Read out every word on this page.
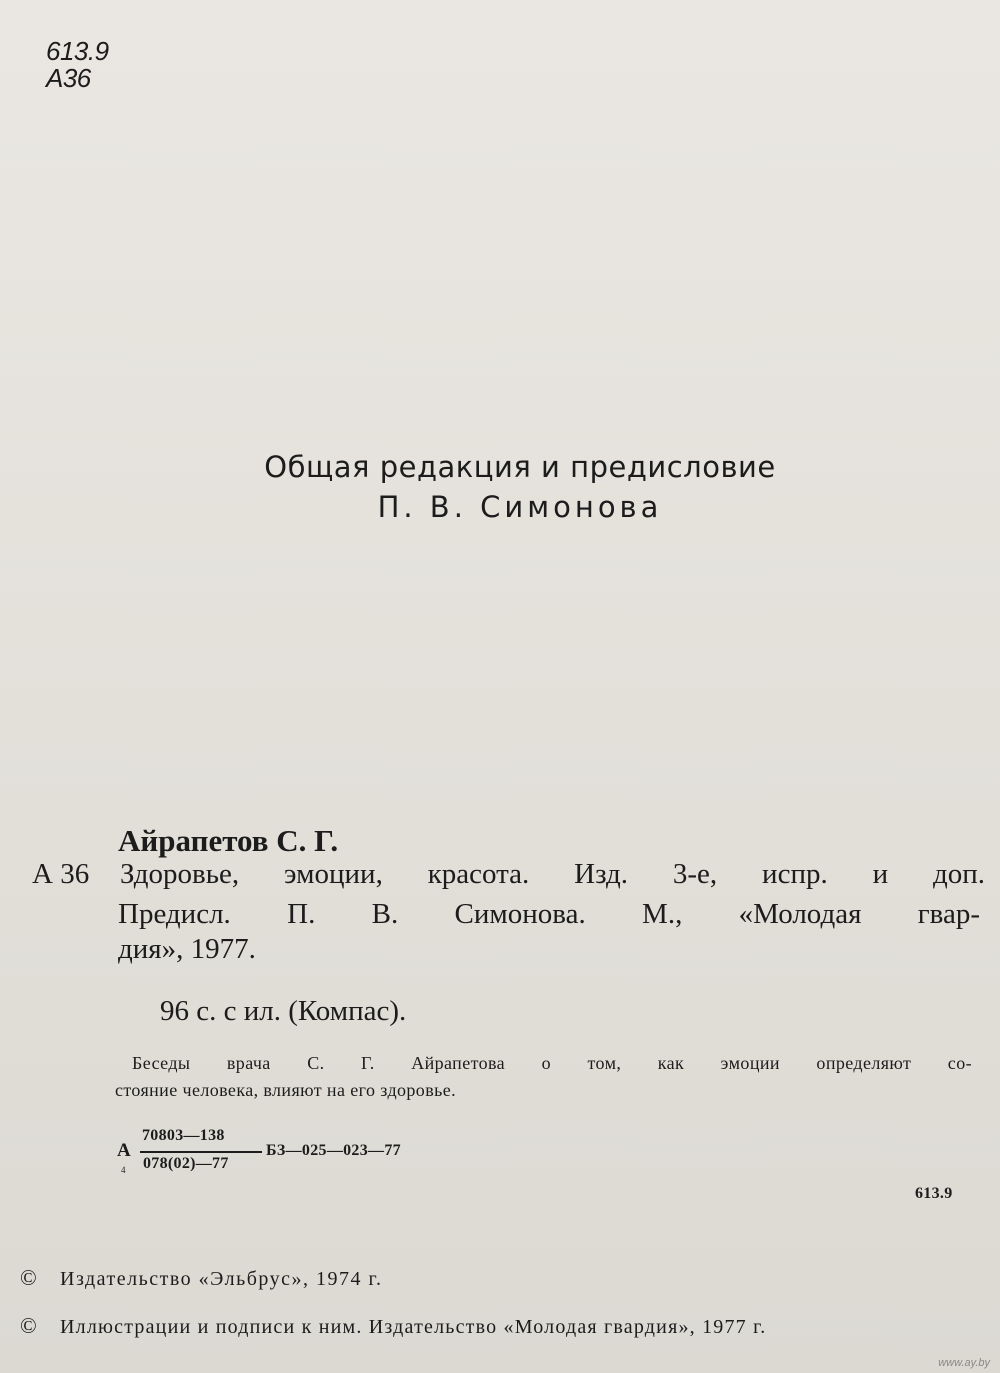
613.9
А36
Общая редакция и предисловие
П. В. Симонова
Айрапетов С. Г.
А 36 Здоровье, эмоции, красота. Изд. 3-е, испр. и доп.
Предисл. П. В. Симонова. М., «Молодая гвар-
дия», 1977.
96 с. с ил. (Компас).
Беседы врача С. Г. Айрапетова о том, как эмоции определяют со-
стояние человека, влияют на его здоровье.
А
4
70803—138
078(02)—77
БЗ—025—023—77
613.9
© Издательство «Эльбрус», 1974 г.
© Иллюстрации и подписи к ним. Издательство «Молодая гвардия», 1977 г.
www.ay.by
